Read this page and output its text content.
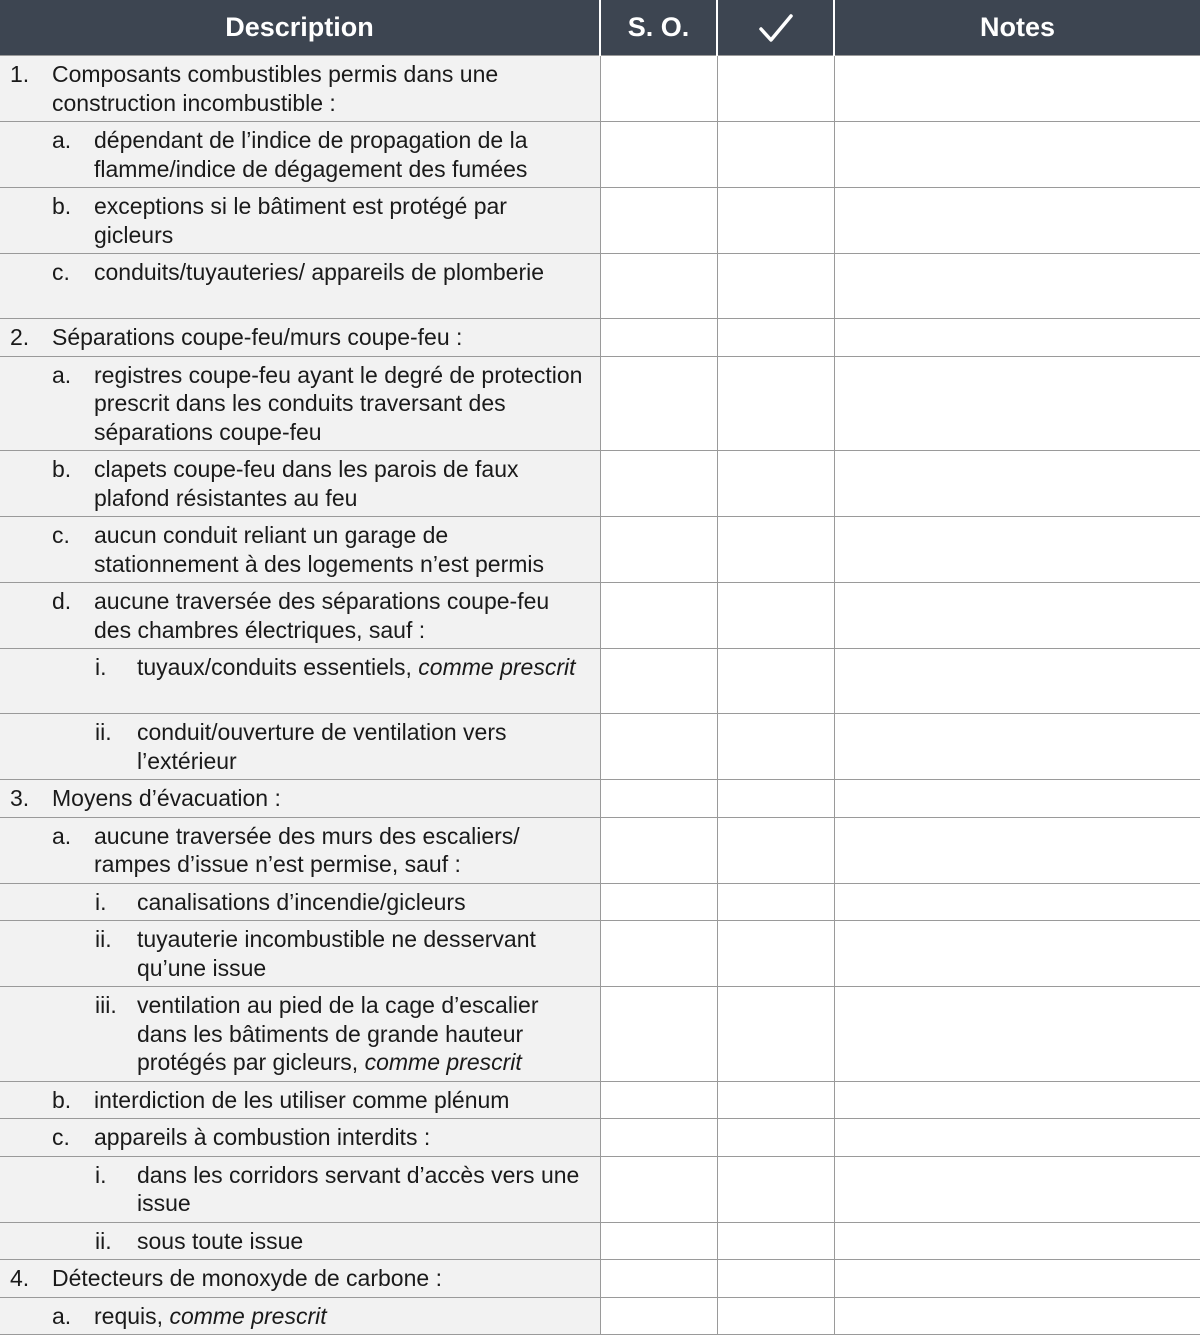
Description	S. O.		Notes

1. Composants combustibles permis dans une construction incombustible :			

a. dépendant de l’indice de propagation de la flamme/indice de dégagement des fumées			

b. exceptions si le bâtiment est protégé par gicleurs			

c. conduits/tuyauteries/ appareils de plomberie			

2. Séparations coupe-feu/murs coupe-feu :			

a. registres coupe-feu ayant le degré de protection prescrit dans les conduits traversant des séparations coupe-feu			

b. clapets coupe-feu dans les parois de faux plafond résistantes au feu			

c. aucun conduit reliant un garage de stationnement à des logements n’est permis			

d. aucune traversée des séparations coupe-feu des chambres électriques, sauf :			

i. tuyaux/conduits essentiels, comme prescrit			

ii. conduit/ouverture de ventilation vers l’extérieur			

3. Moyens d’évacuation :			

a. aucune traversée des murs des escaliers/ rampes d’issue n’est permise, sauf :			

i. canalisations d’incendie/gicleurs			

ii. tuyauterie incombustible ne desservant qu’une issue			

iii. ventilation au pied de la cage d’escalier dans les bâtiments de grande hauteur protégés par gicleurs, comme prescrit			

b. interdiction de les utiliser comme plénum			

c. appareils à combustion interdits :			

i. dans les corridors servant d’accès vers une issue			

ii. sous toute issue			

4. Détecteurs de monoxyde de carbone :			

a. requis, comme prescrit			
